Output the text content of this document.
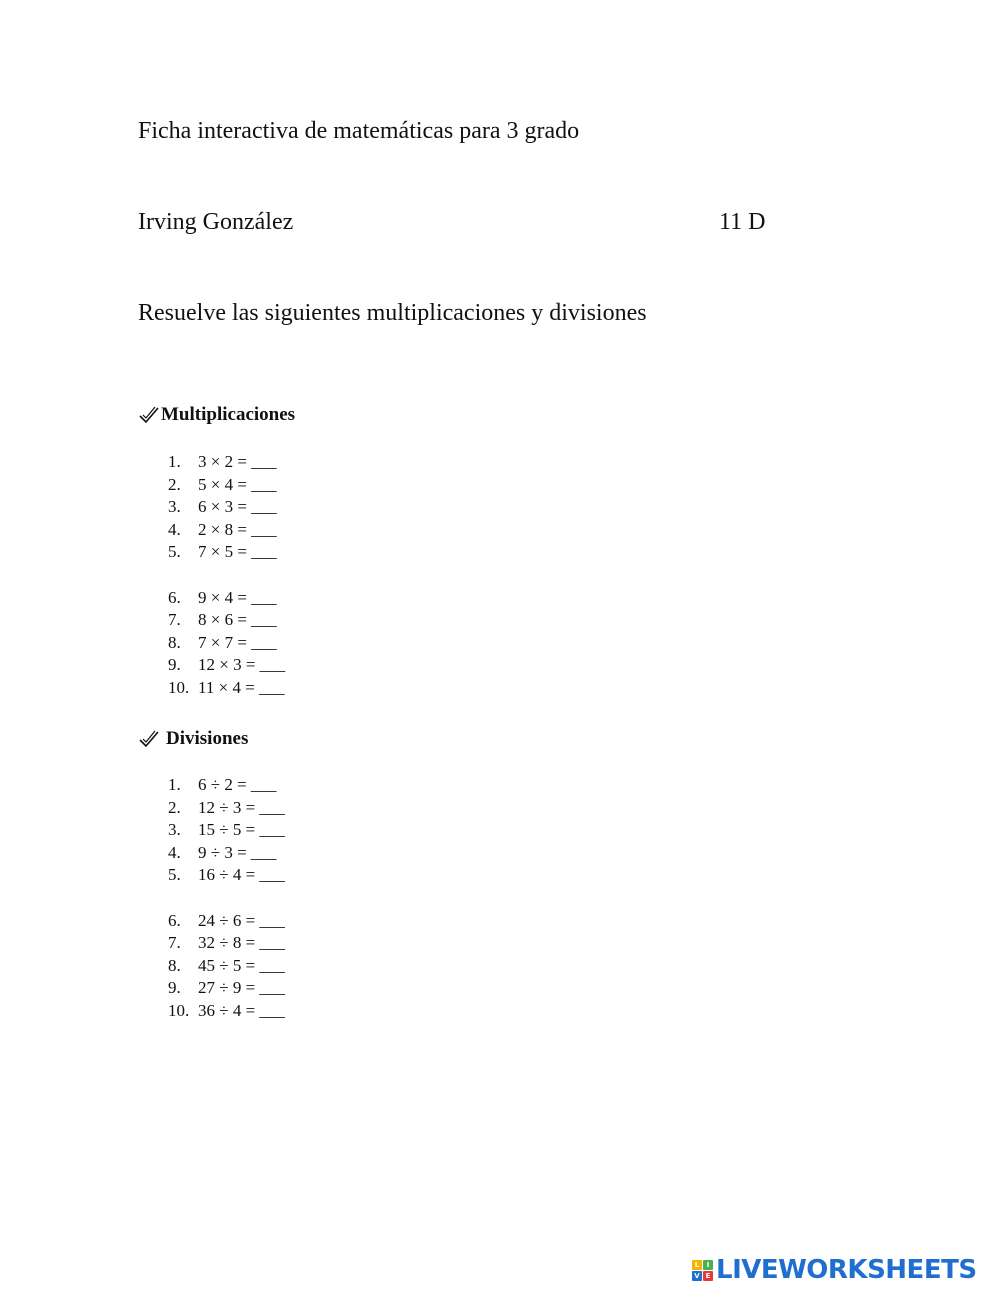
Ficha interactiva de matemáticas para 3 grado
Irving González	11 D
Resuelve las siguientes multiplicaciones y divisiones
Multiplicaciones
1. 3 × 2 = ___
2. 5 × 4 = ___
3. 6 × 3 = ___
4. 2 × 8 = ___
5. 7 × 5 = ___
6. 9 × 4 = ___
7. 8 × 6 = ___
8. 7 × 7 = ___
9. 12 × 3 = ___
10. 11 × 4 = ___
Divisiones
1. 6 ÷ 2 = ___
2. 12 ÷ 3 = ___
3. 15 ÷ 5 = ___
4. 9 ÷ 3 = ___
5. 16 ÷ 4 = ___
6. 24 ÷ 6 = ___
7. 32 ÷ 8 = ___
8. 45 ÷ 5 = ___
9. 27 ÷ 9 = ___
10. 36 ÷ 4 = ___
L	I
V E LIVEWORKSHEETS
